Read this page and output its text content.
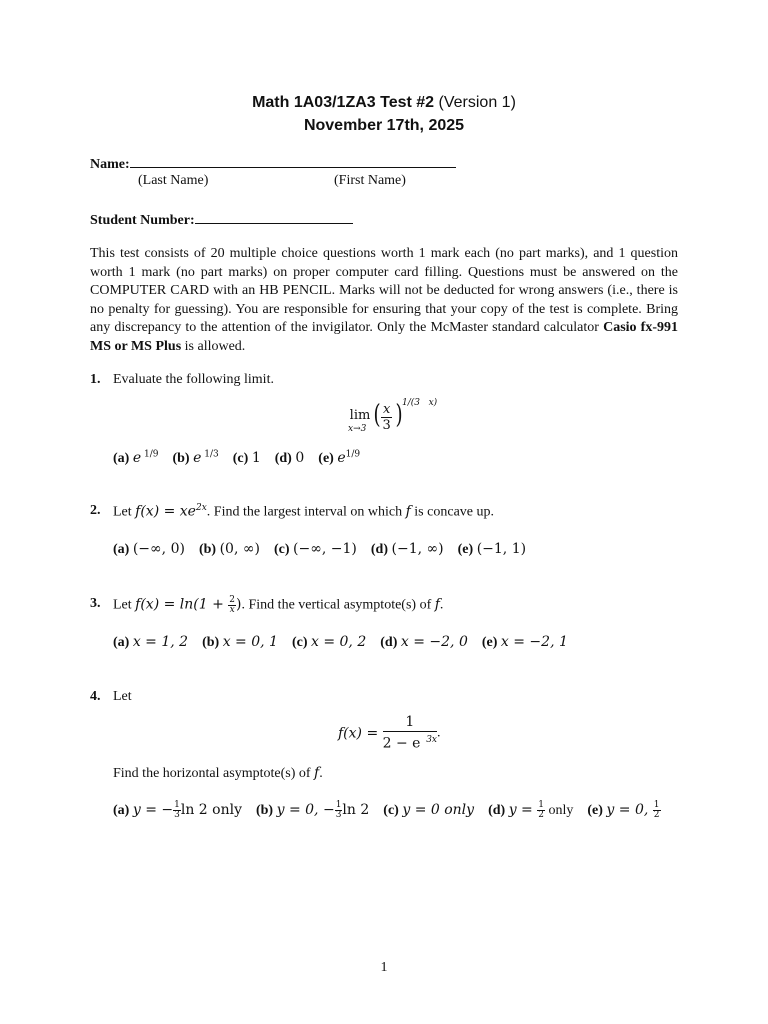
Math 1A03/1ZA3 Test #2 (Version 1)
November 17th, 2025
Name:
(Last Name)	(First Name)
Student Number:
This test consists of 20 multiple choice questions worth 1 mark each (no part marks), and 1 question worth 1 mark (no part marks) on proper computer card filling. Questions must be answered on the COMPUTER CARD with an HB PENCIL. Marks will not be deducted for wrong answers (i.e., there is no penalty for guessing). You are responsible for ensuring that your copy of the test is complete. Bring any discrepancy to the attention of the invigilator. Only the McMaster standard calculator Casio fx-991 MS or MS Plus is allowed.
1. Evaluate the following limit.
lim
x→3 ( $\frac{x}{3}$ ) 1/(3   x)
(a) e $^{1/9}$ (b) e $^{1/3}$ (c) 1 (d) 0 (e) $e^{1/9}$
2. Let $f(x) = xe^{2x}$. Find the largest interval on which f is concave up.
(a) (−∞, 0) (b) (0, ∞) (c) (−∞, −1) (d) (−1, ∞) (e) (−1, 1)
3. Let $f(x) = \ln(1 + \frac{2}{x}$ ). Find the vertical asymptote(s) of f.
(a) x = 1, 2 (b) x = 0, 1 (c) x = 0, 2 (d) x = −2, 0 (e) x = −2, 1
4. Let
$f(x) = \frac{1}{2 - e ^{3x}}$ .
Find the horizontal asymptote(s) of f.
(a) y = − $\frac{1}{3}$ ln 2 only (b) y = 0, − $\frac{1}{3}$ ln 2 (c) y = 0 only (d) $y = \frac{1}{2}$ only (e) y = 0, $\frac{1}{2}$
1
